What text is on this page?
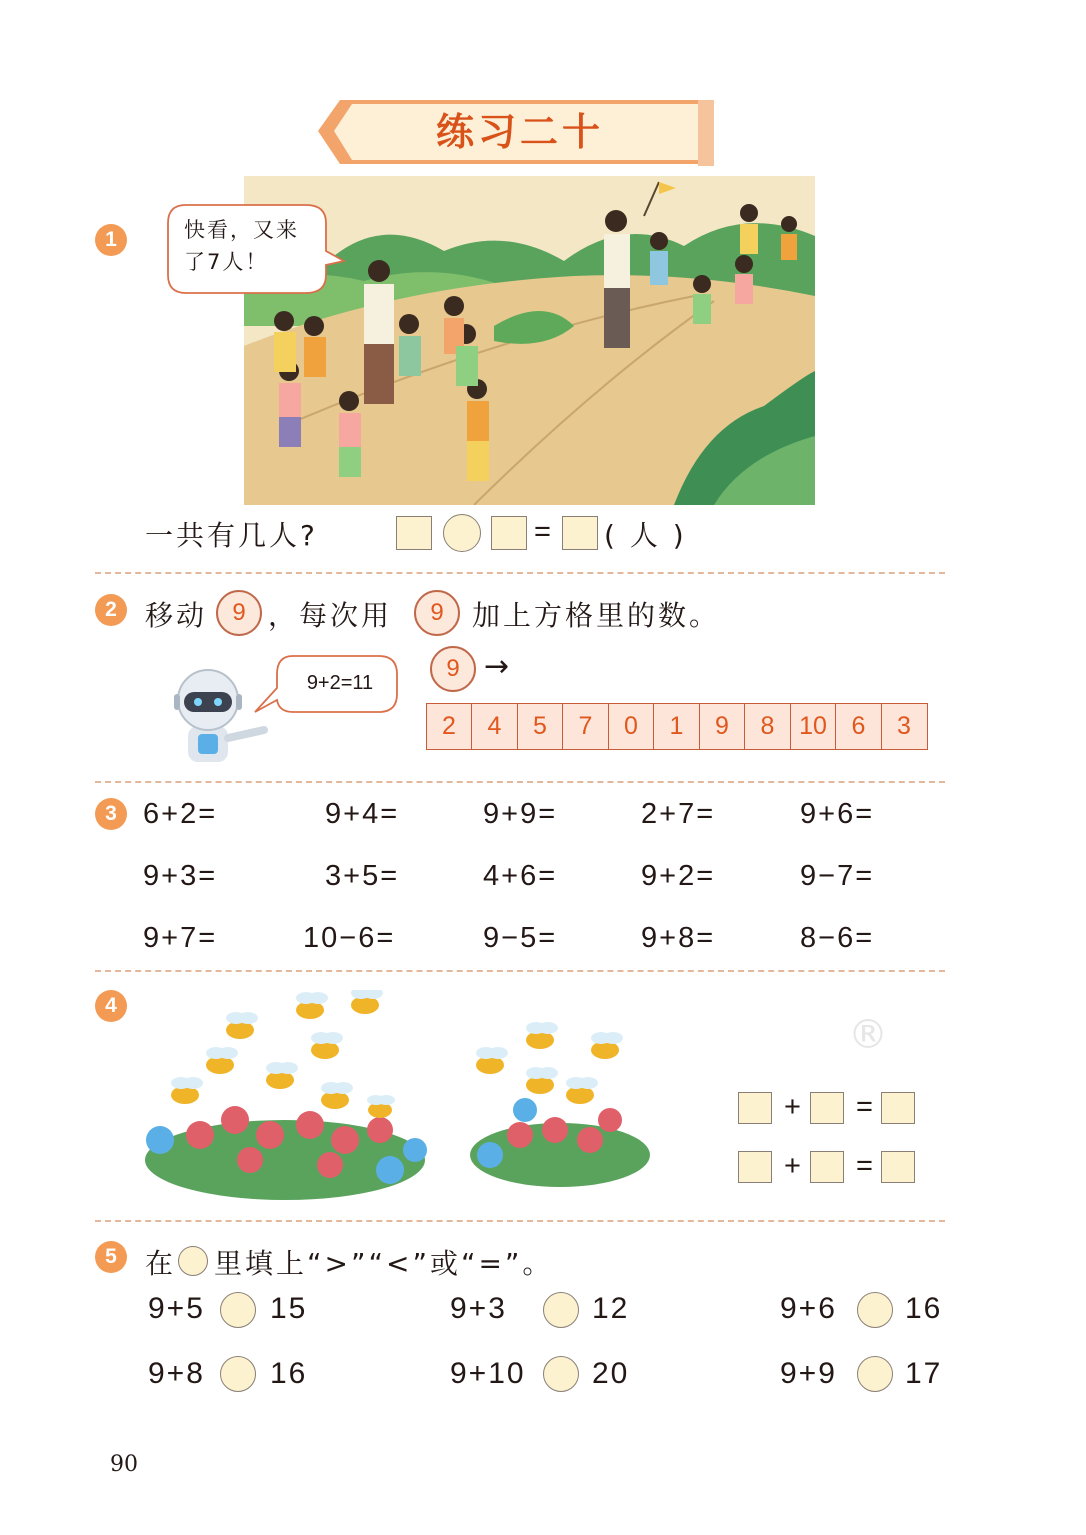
练习二十
1	快看，又来了7人！
一共有几人?	= ( 人 )
2	移动	9 ，每次用	9	加上方格里的数。
9+2=11
9 →
2	4	5	7	0	1	9	8 10 6	3
3 6+2=	9+4=	9+9=	2+7=	9+6=
9+3=	3+5=	4+6=	9+2=	9−7=
9+7=	10−6=	9−5=	9+8=	8−6=
4
®
+ =
+ =
5	在 里填上“>”“<”或“=”。
9+5 15	9+3	12	9+6 16
9+8 16	9+10 20	9+9 17
90
